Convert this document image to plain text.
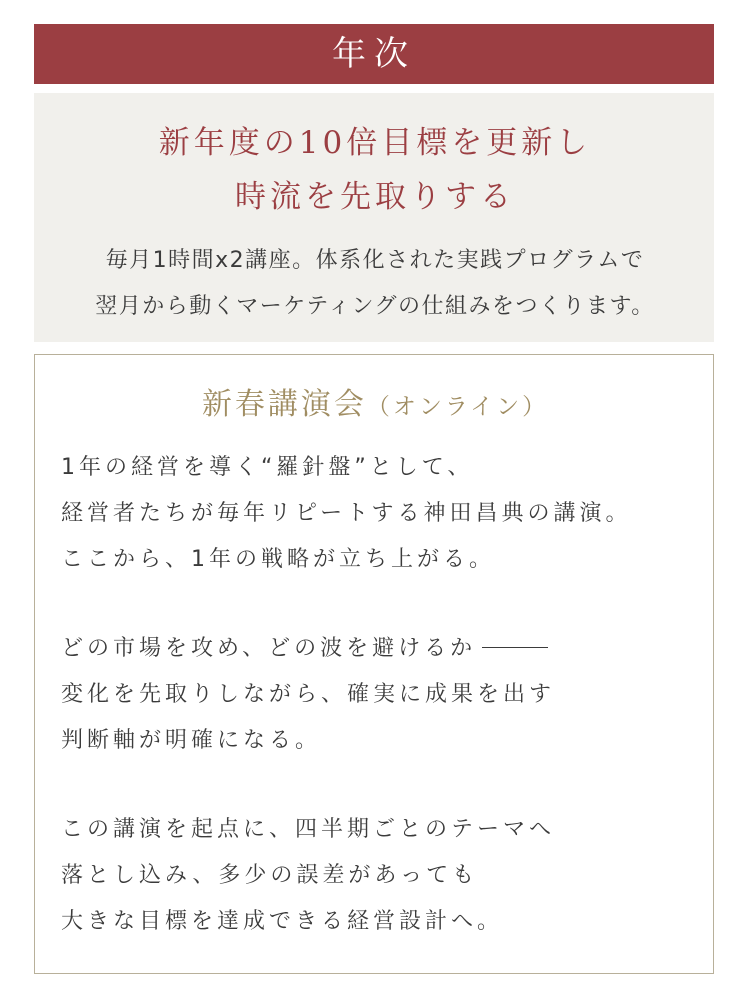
年次
新年度の10倍目標を更新し
時流を先取りする
毎月1時間x2講座。体系化された実践プログラムで
翌月から動くマーケティングの仕組みをつくります。
新春講演会（オンライン）
1年の経営を導く“羅針盤”として、
経営者たちが毎年リピートする神田昌典の講演。
ここから、1年の戦略が立ち上がる。
どの市場を攻め、どの波を避けるか
変化を先取りしながら、確実に成果を出す
判断軸が明確になる。
この講演を起点に、四半期ごとのテーマへ
落とし込み、多少の誤差があっても
大きな目標を達成できる経営設計へ。
